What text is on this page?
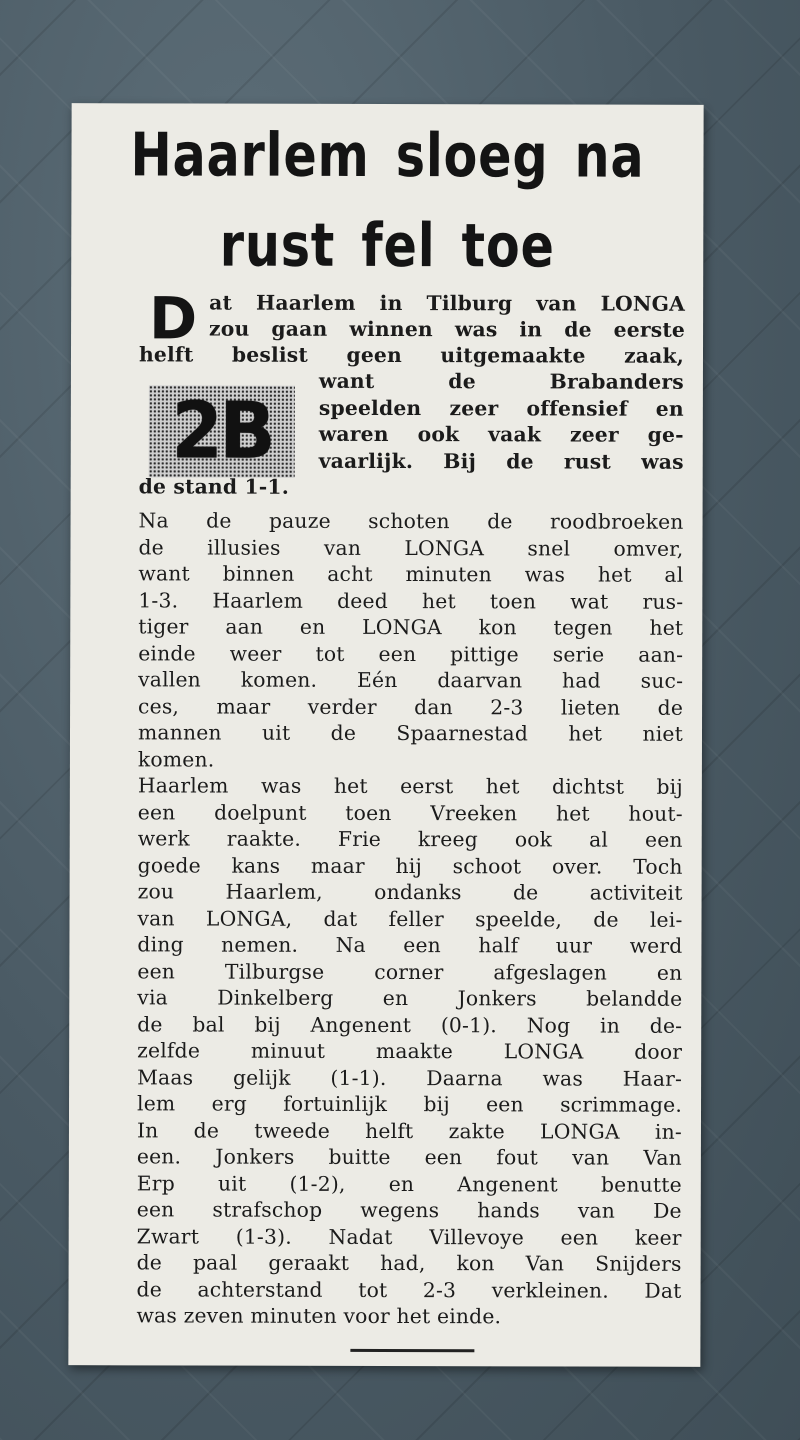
Haarlem sloeg na
rust fel toe
D
2B
at Haarlem in Tilburg van LONGA
zou gaan winnen was in de eerste
helft beslist geen uitgemaakte zaak,
want de Brabanders
speelden zeer offensief en
waren ook vaak zeer ge-
vaarlijk. Bij de rust was
de stand 1-1.
Na de pauze schoten de roodbroeken
de illusies van LONGA snel omver,
want binnen acht minuten was het al
1-3. Haarlem deed het toen wat rus-
tiger aan en LONGA kon tegen het
einde weer tot een pittige serie aan-
vallen komen. Eén daarvan had suc-
ces, maar verder dan 2-3 lieten de
mannen uit de Spaarnestad het niet
komen.
Haarlem was het eerst het dichtst bij
een doelpunt toen Vreeken het hout-
werk raakte. Frie kreeg ook al een
goede kans maar hij schoot over. Toch
zou Haarlem, ondanks de activiteit
van LONGA, dat feller speelde, de lei-
ding nemen. Na een half uur werd
een Tilburgse corner afgeslagen en
via Dinkelberg en Jonkers belandde
de bal bij Angenent (0-1). Nog in de-
zelfde minuut maakte LONGA door
Maas gelijk (1-1). Daarna was Haar-
lem erg fortuinlijk bij een scrimmage.
In de tweede helft zakte LONGA in-
een. Jonkers buitte een fout van Van
Erp uit (1-2), en Angenent benutte
een strafschop wegens hands van De
Zwart (1-3). Nadat Villevoye een keer
de paal geraakt had, kon Van Snijders
de achterstand tot 2-3 verkleinen. Dat
was zeven minuten voor het einde.
